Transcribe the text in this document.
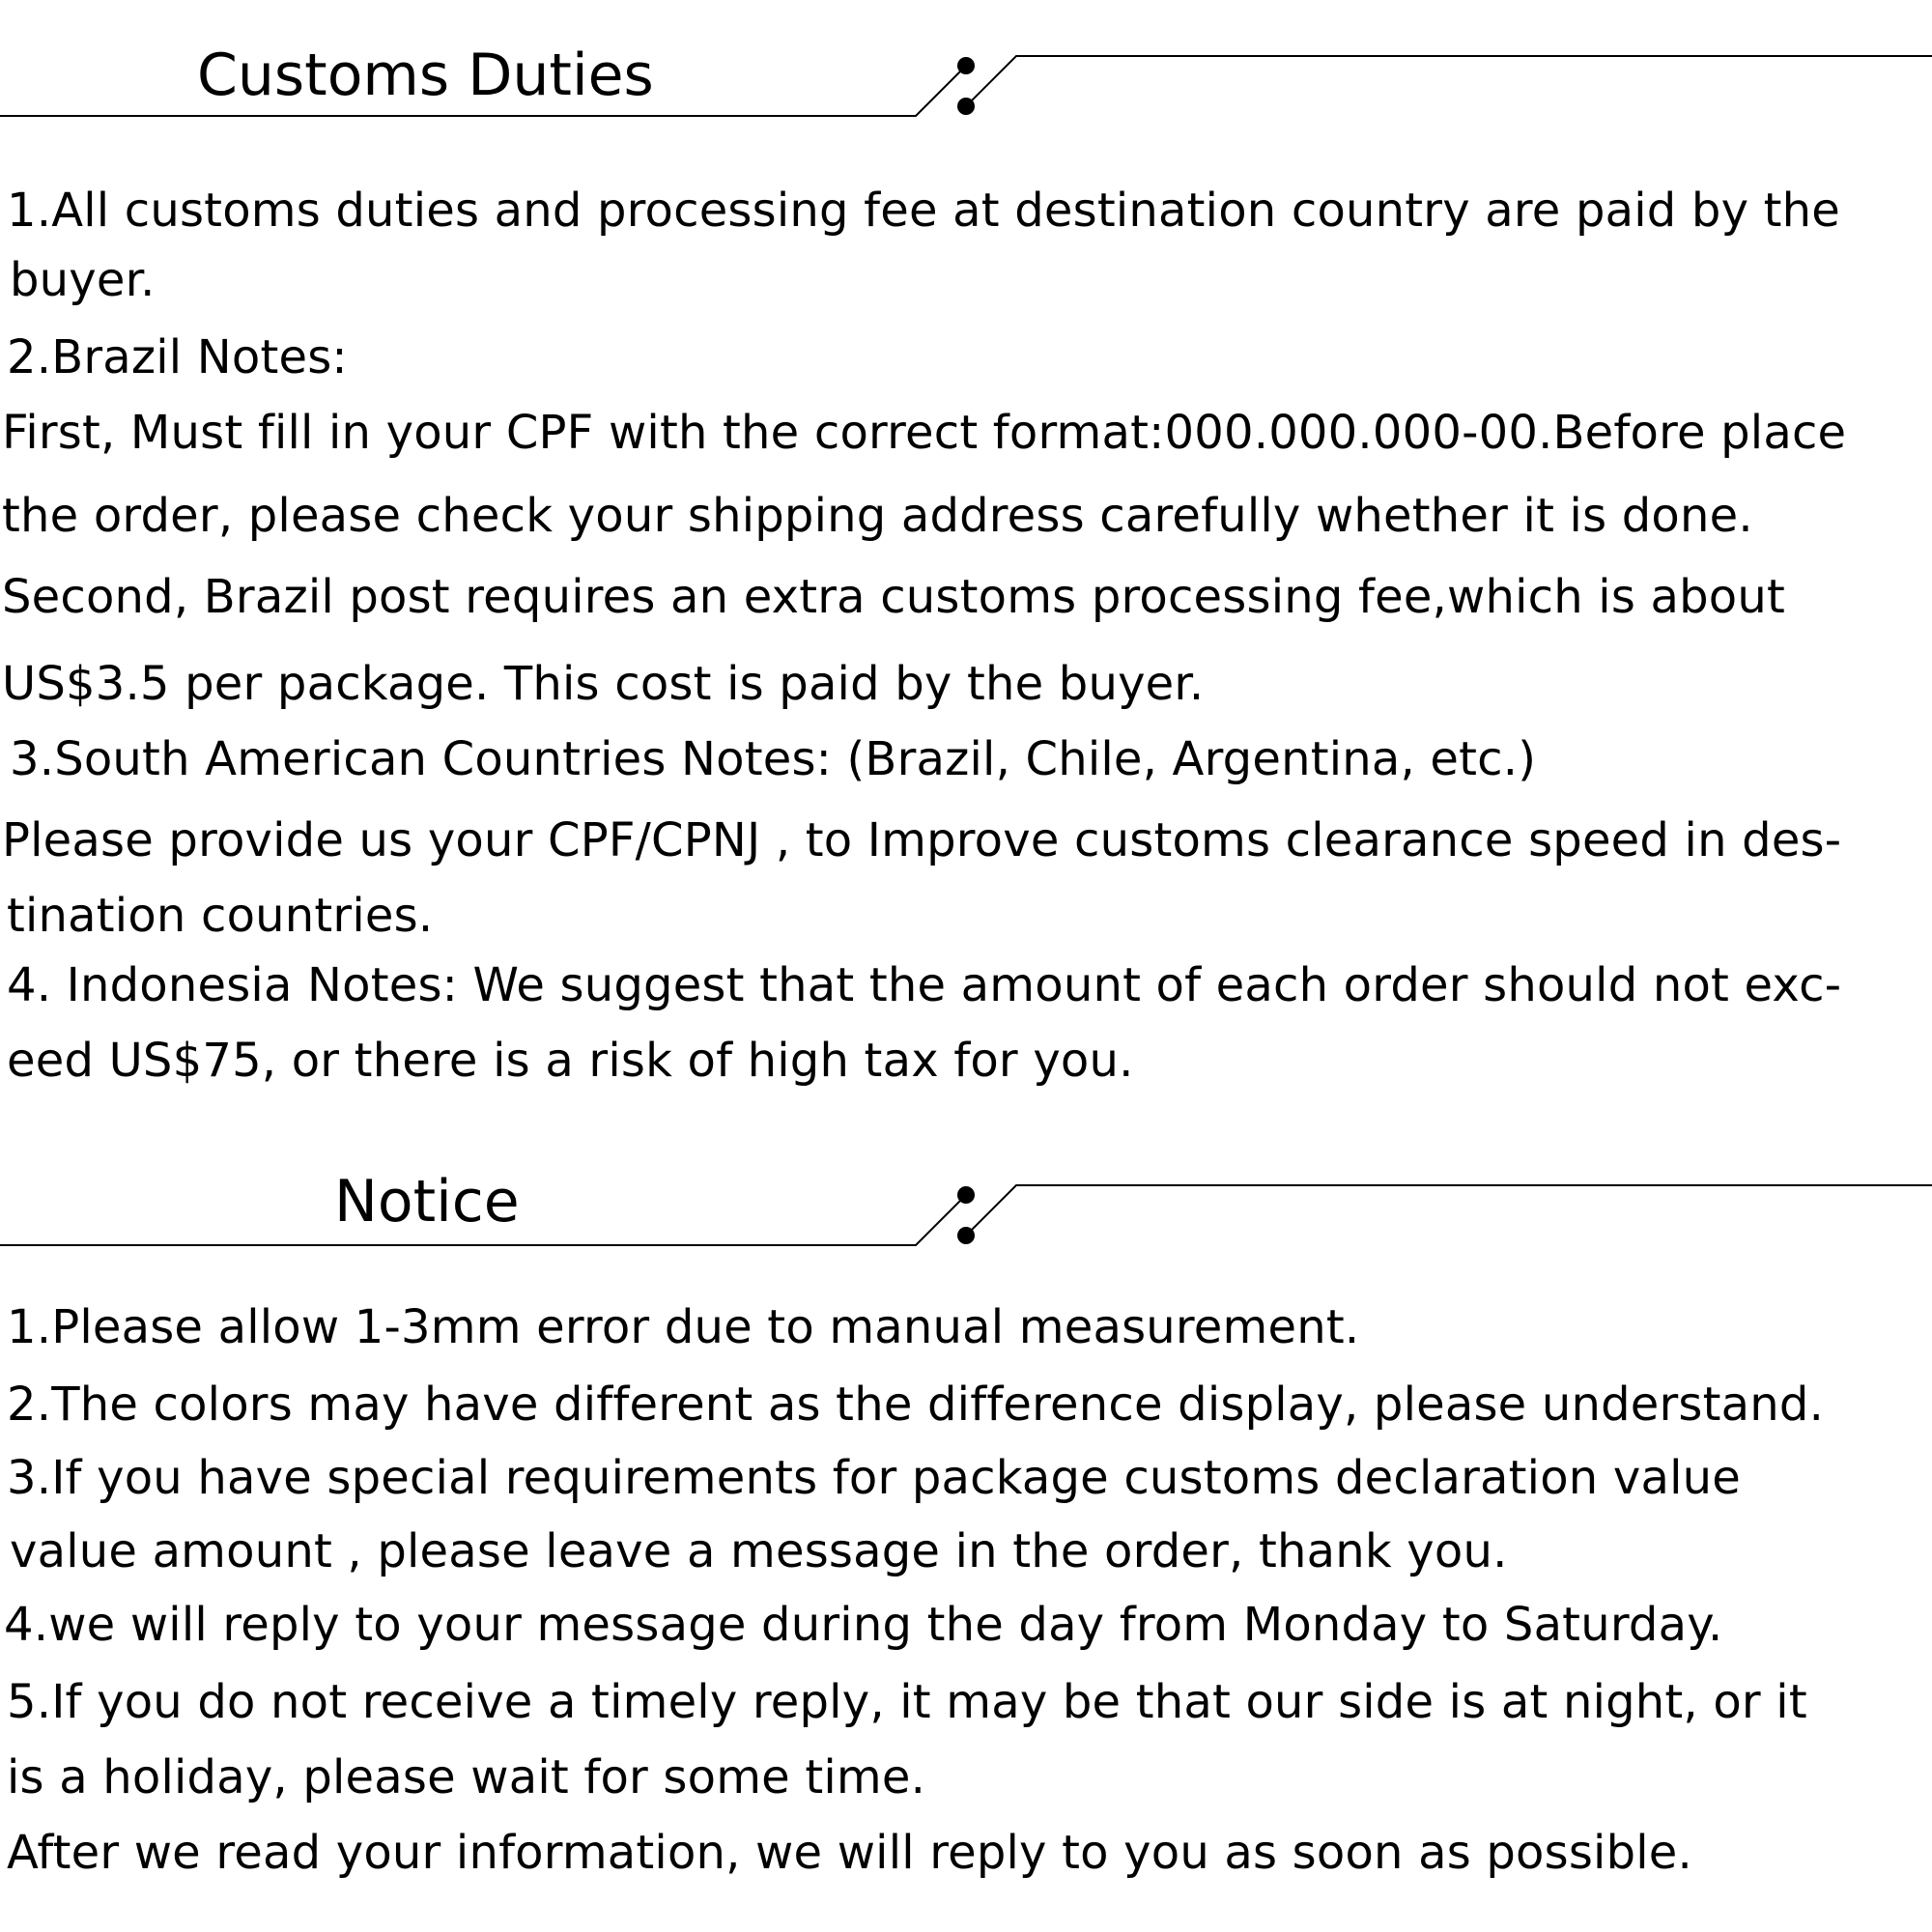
Customs Duties

1.All customs duties and processing fee at destination country are paid by the

buyer.

2.Brazil Notes:

First, Must fill in your CPF with the correct format:000.000.000-00.Before place

the order, please check your shipping address carefully whether it is done.

Second, Brazil post requires an extra customs processing fee,which is about

US$3.5 per package. This cost is paid by the buyer.

3.South American Countries Notes: (Brazil, Chile, Argentina, etc.)

Please provide us your CPF/CPNJ , to Improve customs clearance speed in des-

tination countries.

4. Indonesia Notes: We suggest that the amount of each order should not exc-

eed US$75, or there is a risk of high tax for you.

Notice

1.Please allow 1-3mm error due to manual measurement.

2.The colors may have different as the difference display, please understand.

3.If you have special requirements for package customs declaration value

value amount , please leave a message in the order, thank you.

4.we will reply to your message during the day from Monday to Saturday.

5.If you do not receive a timely reply, it may be that our side is at night, or it

is a holiday, please wait for some time.

After we read your information, we will reply to you as soon as possible.
